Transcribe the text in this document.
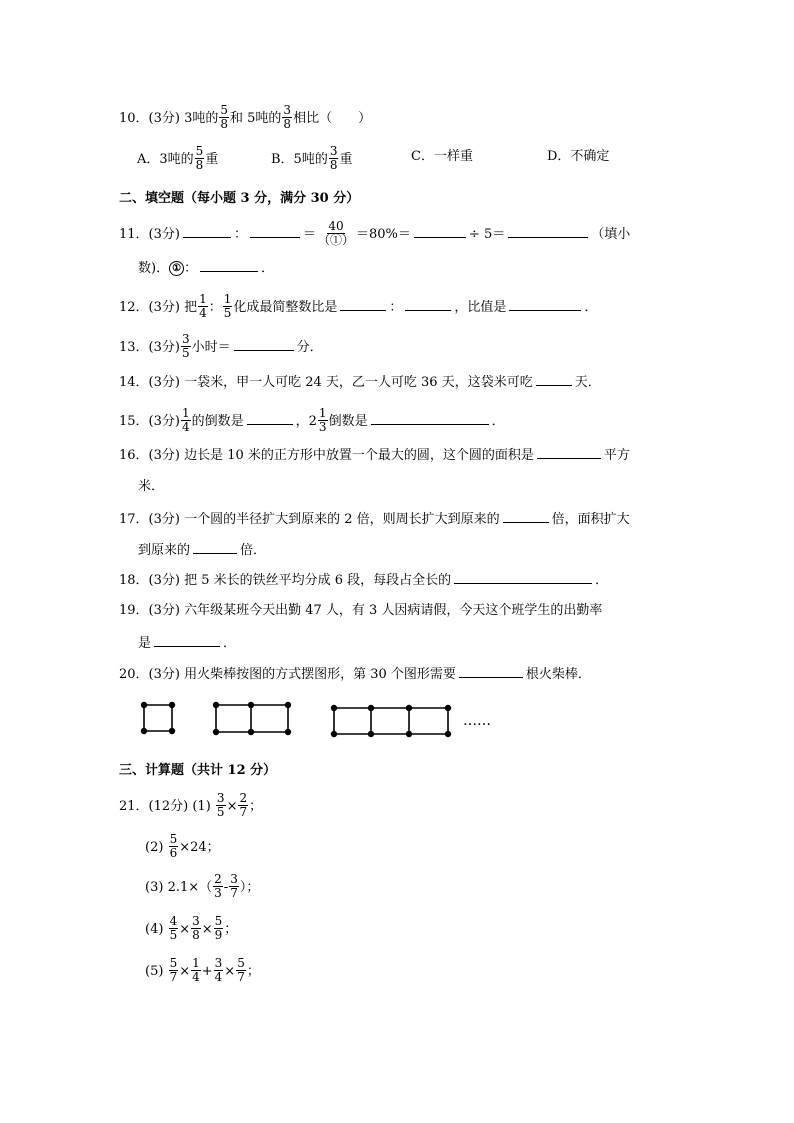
10．(3分) 3吨的 $\frac{5}{8}$ 和 5吨的 $\frac{3}{8}$ 相比（　　）
A．3吨的 $\frac{5}{8}$ 重	B．5吨的 $\frac{3}{8}$ 重	C．一样重	D．不确定
二、填空题（每小题 3 分，满分 30 分）
11．(3分)	：	＝
40
（①） ＝80%＝	÷ 5＝	（填小
数)． ① ：	．
12．(3分) 把 $\frac{1}{4}$ ： $\frac{1}{5}$ 化成最简整数比是	：	，比值是	．
13．(3分) $\frac{3}{5}$ 小时＝	分．
14．(3分) 一袋米，甲一人可吃 24 天，乙一人可吃 36 天，这袋米可吃	天．
15．(3分) $\frac{1}{4}$ 的倒数是	，$2 \frac{1}{3}$ 倒数是	．
16．(3分) 边长是 10 米的正方形中放置一个最大的圆，这个圆的面积是	平方
米．
17．(3分) 一个圆的半径扩大到原来的 2 倍，则周长扩大到原来的	倍，面积扩大
到原来的	倍．
18．(3分) 把 5 米长的铁丝平均分成 6 段，每段占全长的	．
19．(3分) 六年级某班今天出勤 47 人，有 3 人因病请假，今天这个班学生的出勤率
是	．
20．(3分) 用火柴棒按图的方式摆图形，第 30 个图形需要	根火柴棒．
……
三、计算题（共计 12 分）
21．(12分) $(1) \frac{3}{5} \times \frac{2}{7}$ ；
$(2) \frac{5}{6} \times 24$；
(3) $2.1\times( \frac{2}{3} - \frac{3}{7}$ ）；
$(4) \frac{4}{5} \times \frac{3}{8} \times \frac{5}{9}$ ；
$(5) \frac{5}{7} \times \frac{1}{4} + \frac{3}{4} \times \frac{5}{7}$ ；
